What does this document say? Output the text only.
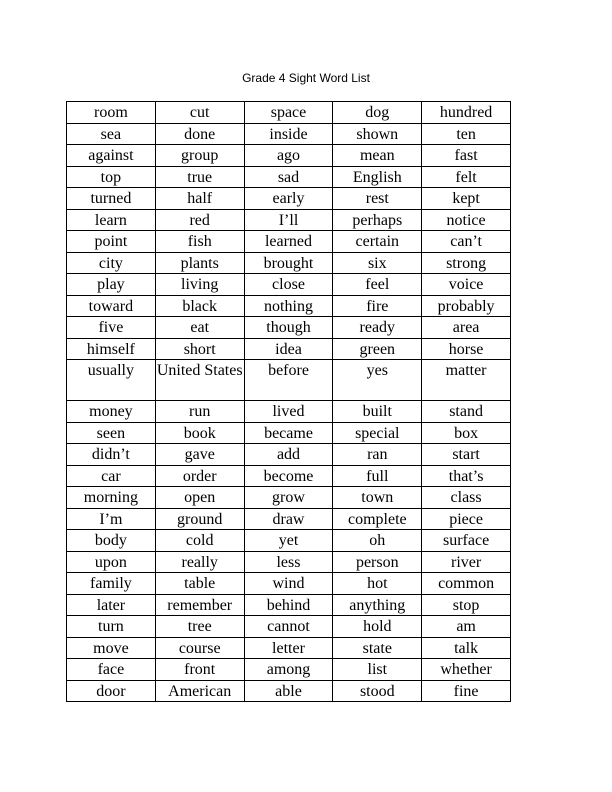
Grade 4 Sight Word List
room	cut	space	dog	hundred

sea	done	inside	shown	ten

against	group	ago	mean	fast

top	true	sad	English	felt

turned	half	early	rest	kept

learn	red	I’ll	perhaps	notice

point	fish	learned	certain	can’t

city	plants	brought	six	strong

play	living	close	feel	voice

toward	black	nothing	fire	probably

five	eat	though	ready	area

himself	short	idea	green	horse

usually	United States	before	yes	matter

money	run	lived	built	stand

seen	book	became	special	box

didn’t	gave	add	ran	start

car	order	become	full	that’s

morning	open	grow	town	class

I’m	ground	draw	complete	piece

body	cold	yet	oh	surface

upon	really	less	person	river

family	table	wind	hot	common

later	remember	behind	anything	stop

turn	tree	cannot	hold	am

move	course	letter	state	talk

face	front	among	list	whether

door	American	able	stood	fine
